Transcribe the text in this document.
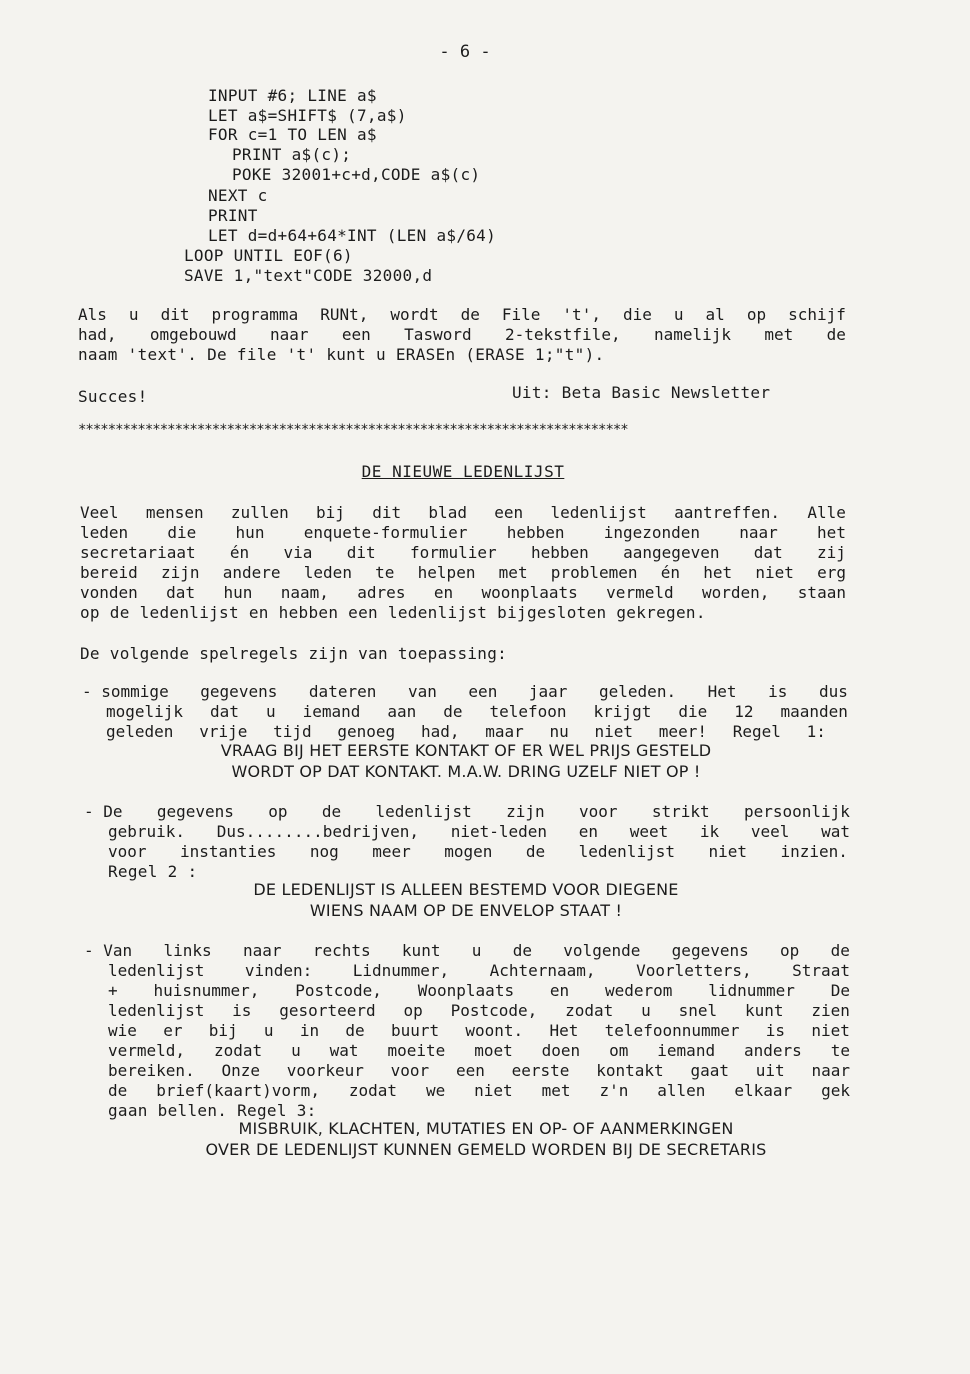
- 6 -
INPUT #6; LINE a$
LET a$=SHIFT$ (7,a$)
FOR c=1 TO LEN a$
PRINT a$(c);
POKE 32001+c+d,CODE a$(c)
NEXT c
PRINT
LET d=d+64+64*INT (LEN a$/64)
LOOP UNTIL EOF(6)
SAVE 1,"text"CODE 32000,d
Als u dit programma RUNt, wordt de File 't', die u al op schijf
had, omgebouwd naar een Tasword 2-tekstfile, namelijk met de
naam 'text'. De file 't' kunt u ERASEn (ERASE 1;"t").
Succes!	Uit: Beta Basic Newsletter
**************************************************************************
DE NIEUWE LEDENLIJST
Veel mensen zullen bij dit blad een ledenlijst aantreffen. Alle
leden die hun enquete-formulier hebben ingezonden naar het
secretariaat én via dit formulier hebben aangegeven dat zij
bereid zijn andere leden te helpen met problemen én het niet erg
vonden dat hun naam, adres en woonplaats vermeld worden, staan
op de ledenlijst en hebben een ledenlijst bijgesloten gekregen.
De volgende spelregels zijn van toepassing:
- sommige gegevens dateren van een jaar geleden. Het is dus
mogelijk dat u iemand aan de telefoon krijgt die 12 maanden
geleden vrije tijd genoeg had, maar nu niet meer! Regel 1:
VRAAG BIJ HET EERSTE KONTAKT OF ER WEL PRIJS GESTELD
WORDT OP DAT KONTAKT. M.A.W. DRING UZELF NIET OP !
- De gegevens op de ledenlijst zijn voor strikt persoonlijk
gebruik. Dus........bedrijven, niet-leden en weet ik veel wat
voor instanties nog meer mogen de ledenlijst niet inzien.
Regel 2 :
DE LEDENLIJST IS ALLEEN BESTEMD VOOR DIEGENE
WIENS NAAM OP DE ENVELOP STAAT !
- Van links naar rechts kunt u de volgende gegevens op de
ledenlijst	vinden:	Lidnummer,	Achternaam,	Voorletters,	Straat
+ huisnummer, Postcode, Woonplaats en wederom lidnummer De
ledenlijst is gesorteerd op Postcode, zodat u snel kunt zien
wie er bij u in de buurt woont. Het telefoonnummer is niet
vermeld, zodat u wat moeite moet doen om iemand anders te
bereiken. Onze voorkeur voor een eerste kontakt gaat uit naar
de brief(kaart)vorm, zodat we niet met z'n allen elkaar gek
gaan bellen. Regel 3:
MISBRUIK, KLACHTEN, MUTATIES EN OP- OF AANMERKINGEN
OVER DE LEDENLIJST KUNNEN GEMELD WORDEN BIJ DE SECRETARIS
